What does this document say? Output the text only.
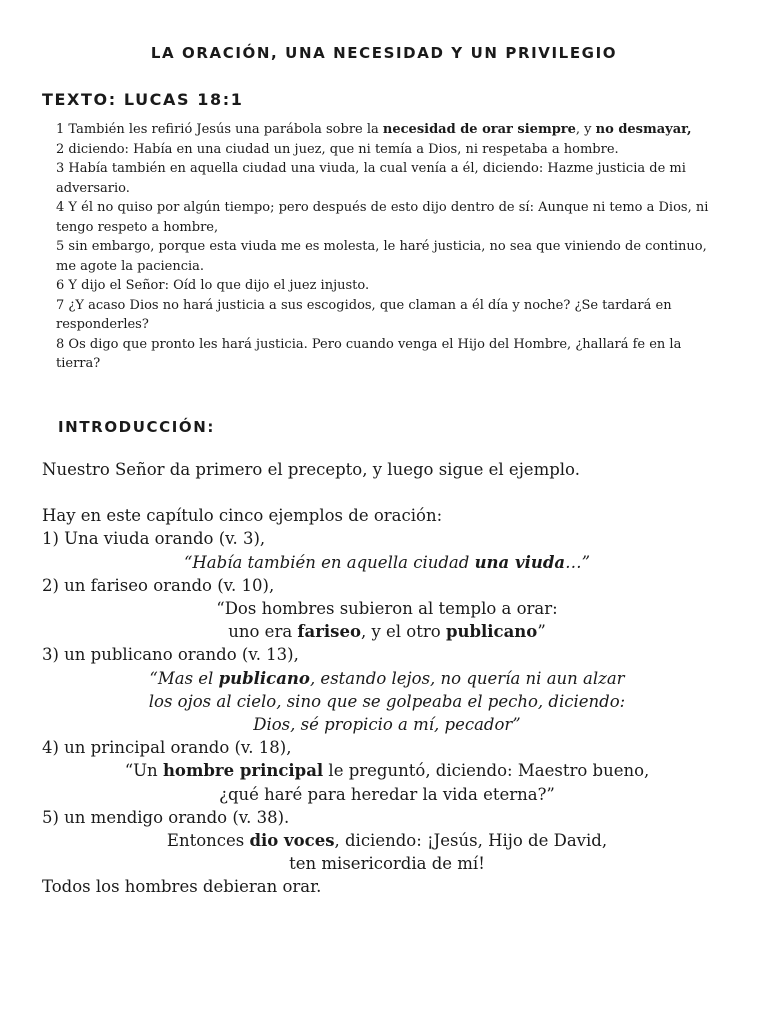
LA ORACIÓN, UNA NECESIDAD Y UN PRIVILEGIO
TEXTO: LUCAS 18:1

1 También les refirió Jesús una parábola sobre la necesidad de orar siempre, y no desmayar,

2 diciendo: Había en una ciudad un juez, que ni temía a Dios, ni respetaba a hombre.

3 Había también en aquella ciudad una viuda, la cual venía a él, diciendo: Hazme justicia de mi adversario.

4 Y él no quiso por algún tiempo; pero después de esto dijo dentro de sí: Aunque ni temo a Dios, ni tengo respeto a hombre,

5 sin embargo, porque esta viuda me es molesta, le haré justicia, no sea que viniendo de continuo, me agote la paciencia.

6 Y dijo el Señor: Oíd lo que dijo el juez injusto.

7 ¿Y acaso Dios no hará justicia a sus escogidos, que claman a él día y noche? ¿Se tardará en responderles?

8 Os digo que pronto les hará justicia. Pero cuando venga el Hijo del Hombre, ¿hallará fe en la tierra?

INTRODUCCIÓN:

Nuestro Señor da primero el precepto, y luego sigue el ejemplo.

Hay en este capítulo cinco ejemplos de oración:

1) Una viuda orando (v. 3),

“Había también en aquella ciudad una viuda…”

2) un fariseo orando (v. 10),

“Dos hombres subieron al templo a orar:

uno era fariseo, y el otro publicano”

3) un publicano orando (v. 13),

“Mas el publicano, estando lejos, no quería ni aun alzar

los ojos al cielo, sino que se golpeaba el pecho, diciendo:

Dios, sé propicio a mí, pecador”

4) un principal orando (v. 18),

“Un hombre principal le preguntó, diciendo: Maestro bueno,

¿qué haré para heredar la vida eterna?”

5) un mendigo orando (v. 38).

Entonces dio voces, diciendo: ¡Jesús, Hijo de David,

ten misericordia de mí!

Todos los hombres debieran orar.
